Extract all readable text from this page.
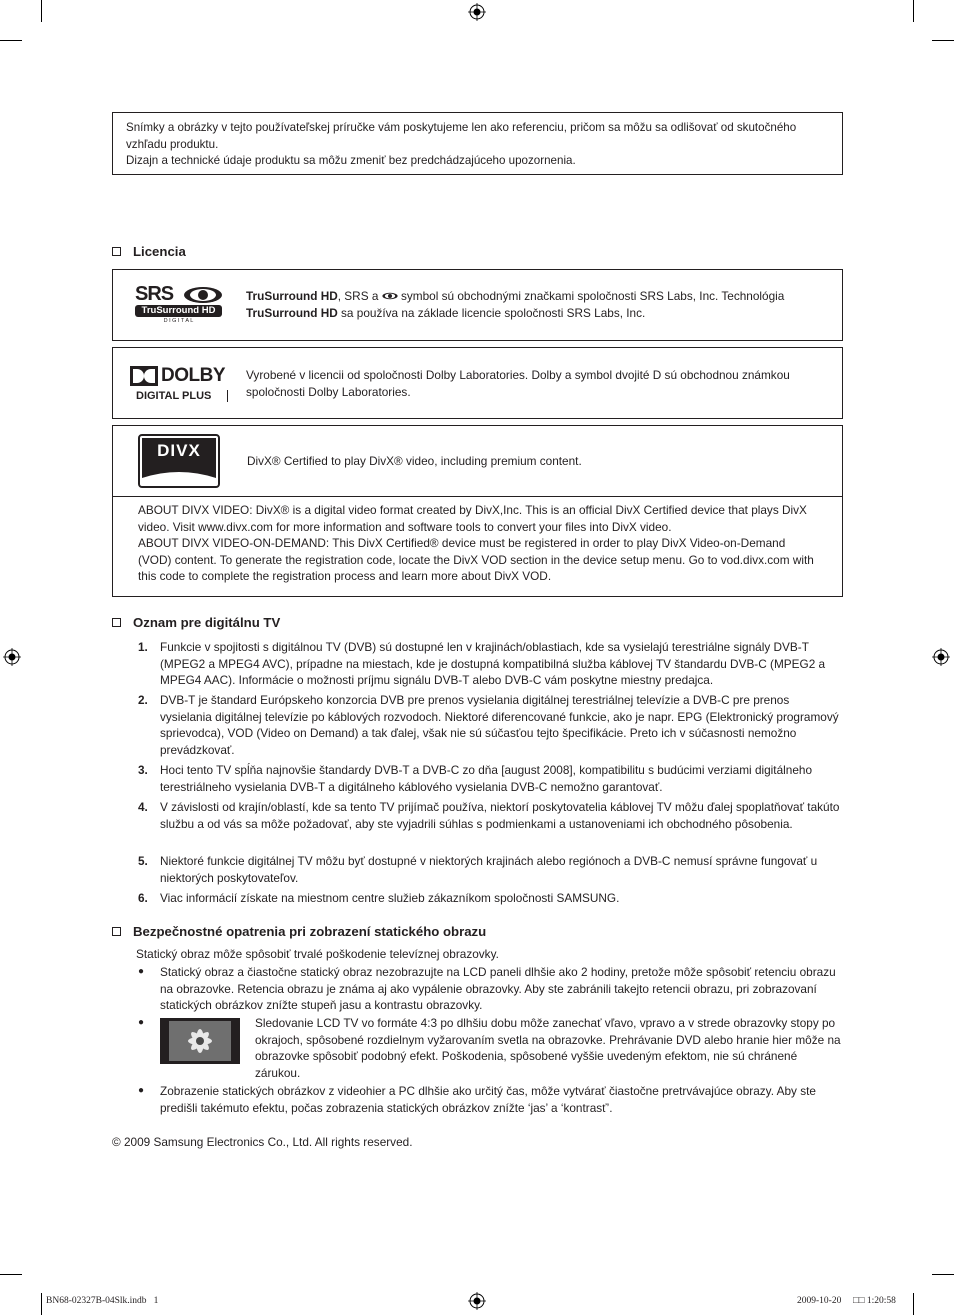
Snímky a obrázky v tejto používateľskej príručke vám poskytujeme len ako referenciu, pričom sa môžu sa odlišovať od skutočného vzhľadu produktu.
Dizajn a technické údaje produktu sa môžu zmeniť bez predchádzajúceho upozornenia.
Licencia
SRS
TruSurround HD
D I G I T A L
TruSurround HD, SRS a  symbol sú obchodnými značkami spoločnosti SRS Labs, Inc. Technológia
TruSurround HD sa používa na základe licencie spoločnosti SRS Labs, Inc.
DOLBY
DIGITAL PLUS
Vyrobené v licencii od spoločnosti Dolby Laboratories. Dolby a symbol dvojité D sú obchodnou známkou spoločnosti Dolby Laboratories.
DIVX
DivX® Certified to play DivX® video, including premium content.
ABOUT DIVX VIDEO: DivX® is a digital video format created by DivX,Inc. This is an official DivX Certified device that plays DivX video. Visit www.divx.com for more information and software tools to convert your files into DivX video.
ABOUT DIVX VIDEO-ON-DEMAND: This DivX Certified® device must be registered in order to play DivX Video-on-Demand (VOD) content. To generate the registration code, locate the DivX VOD section in the device setup menu. Go to vod.divx.com with this code to complete the registration process and learn more about DivX VOD.
Oznam pre digitálnu TV
1. Funkcie v spojitosti s digitálnou TV (DVB) sú dostupné len v krajinách/oblastiach, kde sa vysielajú terestriálne signály DVB-T (MPEG2 a MPEG4 AVC), prípadne na miestach, kde je dostupná kompatibilná služba káblovej TV štandardu DVB-C (MPEG2 a MPEG4 AAC). Informácie o možnosti príjmu signálu DVB-T alebo DVB-C vám poskytne miestny predajca.
2. DVB-T je štandard Európskeho konzorcia DVB pre prenos vysielania digitálnej terestriálnej televízie a DVB-C pre prenos vysielania digitálnej televízie po káblových rozvodoch. Niektoré diferencované funkcie, ako je napr. EPG (Elektronický programový sprievodca), VOD (Video on Demand) a tak ďalej, však nie sú súčasťou tejto špecifikácie. Preto ich v súčasnosti nemožno prevádzkovať.
3. Hoci tento TV spĺňa najnovšie štandardy DVB-T a DVB-C zo dňa [august 2008], kompatibilitu s budúcimi verziami digitálneho terestriálneho vysielania DVB-T a digitálneho káblového vysielania DVB-C nemožno garantovať.
4. V závislosti od krajín/oblastí, kde sa tento TV prijímač používa, niektorí poskytovatelia káblovej TV môžu ďalej spoplatňovať takúto službu a od vás sa môže požadovať, aby ste vyjadrili súhlas s podmienkami a ustanoveniami ich obchodného pôsobenia.
5. Niektoré funkcie digitálnej TV môžu byť dostupné v niektorých krajinách alebo regiónoch a DVB-C nemusí správne fungovať u niektorých poskytovateľov.
6. Viac informácií získate na miestnom centre služieb zákazníkom spoločnosti SAMSUNG.
Bezpečnostné opatrenia pri zobrazení statického obrazu
Statický obraz môže spôsobiť trvalé poškodenie televíznej obrazovky.
● Statický obraz a čiastočne statický obraz nezobrazujte na LCD paneli dlhšie ako 2 hodiny, pretože môže spôsobiť retenciu obrazu na obrazovke. Retencia obrazu je známa aj ako vypálenie obrazovky. Aby ste zabránili takejto retencii obrazu, pri zobrazovaní statických obrázkov znížte stupeň jasu a kontrastu obrazovky.
●	Sledovanie LCD TV vo formáte 4:3 po dlhšiu dobu môže zanechať vľavo, vpravo a v strede obrazovky stopy po okrajoch, spôsobené rozdielnym vyžarovaním svetla na obrazovke. Prehrávanie DVD alebo hranie hier môže na obrazovke spôsobiť podobný efekt. Poškodenia, spôsobené vyššie uvedeným efektom, nie sú chránené zárukou.
● Zobrazenie statických obrázkov z videohier a PC dlhšie ako určitý čas, môže vytvárať čiastočne pretrvávajúce obrazy. Aby ste predišli takémuto efektu, počas zobrazenia statických obrázkov znížte ‘jas’ a ‘kontrasť’.
© 2009 Samsung Electronics Co., Ltd. All rights reserved.
BN68-02327B-04Slk.indb   1	2009-10-20 □□ 1:20:58
